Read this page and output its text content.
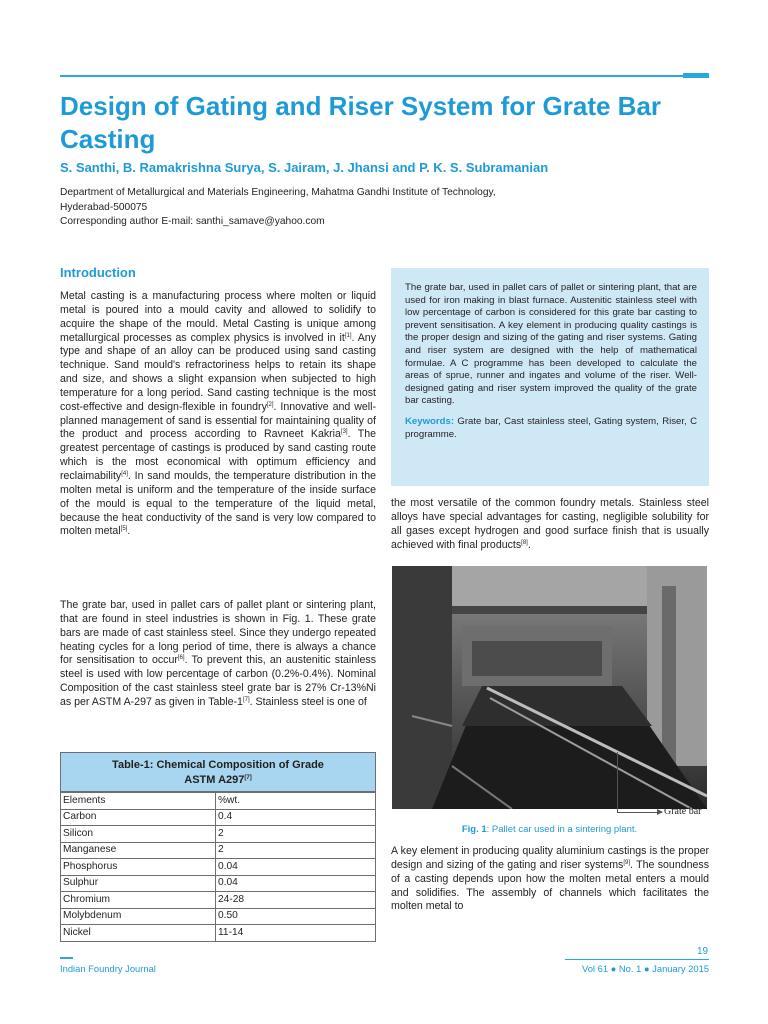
Design of Gating and Riser System for Grate Bar Casting

S. Santhi, B. Ramakrishna Surya, S. Jairam, J. Jhansi and P. K. S. Subramanian

Department of Metallurgical and Materials Engineering, Mahatma Gandhi Institute of Technology,
Hyderabad-500075
Corresponding author E-mail: santhi_samave@yahoo.com
Introduction

Metal casting is a manufacturing process where molten or liquid metal is poured into a mould cavity and allowed to solidify to acquire the shape of the mould. Metal Casting is unique among metallurgical processes as complex physics is involved in it[1]. Any type and shape of an alloy can be produced using sand casting technique. Sand mould's refractoriness helps to retain its shape and size, and shows a slight expansion when subjected to high temperature for a long period. Sand casting technique is the most cost-effective and design-flexible in foundry[2]. Innovative and well-planned management of sand is essential for maintaining quality of the product and process according to Ravneet Kakria[3]. The greatest percentage of castings is produced by sand casting route which is the most economical with optimum efficiency and reclaimability[4]. In sand moulds, the temperature distribution in the molten metal is uniform and the temperature of the inside surface of the mould is equal to the temperature of the liquid metal, because the heat conductivity of the sand is very low compared to molten metal[5].

The grate bar, used in pallet cars of pallet plant or sintering plant, that are found in steel industries is shown in Fig. 1. These grate bars are made of cast stainless steel. Since they undergo repeated heating cycles for a long period of time, there is always a chance for sensitisation to occur[6]. To prevent this, an austenitic stainless steel is used with low percentage of carbon (0.2%-0.4%). Nominal Composition of the cast stainless steel grate bar is 27% Cr-13%Ni as per ASTM A-297 as given in Table-1[7]. Stainless steel is one of

The grate bar, used in pallet cars of pallet or sintering plant, that are used for iron making in blast furnace. Austenitic stainless steel with low percentage of carbon is considered for this grate bar casting to prevent sensitisation. A key element in producing quality castings is the proper design and sizing of the gating and riser systems. Gating and riser system are designed with the help of mathematical formulae. A C programme has been developed to calculate the areas of sprue, runner and ingates and volume of the riser. Well-designed gating and riser system improved the quality of the grate bar casting.

Keywords: Grate bar, Cast stainless steel, Gating system, Riser, C programme.

the most versatile of the common foundry metals. Stainless steel alloys have special advantages for casting, negligible solubility for all gases except hydrogen and good surface finish that is usually achieved with final products[8].

Grate bar
Fig. 1: Pallet car used in a sintering plant.

A key element in producing quality aluminium castings is the proper design and sizing of the gating and riser systems[9]. The soundness of a casting depends upon how the molten metal enters a mould and solidifies. The assembly of channels which facilitates the molten metal to

Table-1: Chemical Composition of Grade
ASTM A297[7]
Elements	%wt.
Carbon	0.4
Silicon	2
Manganese	2
Phosphorus	0.04
Sulphur	0.04
Chromium	24-28
Molybdenum	0.50
Nickel	11-14
Indian Foundry Journal
19
Vol 61 ● No. 1 ● January 2015
